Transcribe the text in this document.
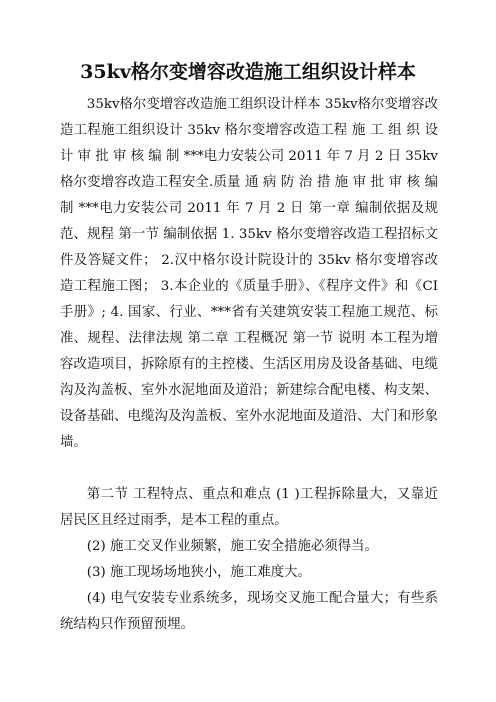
35kv格尔变增容改造施工组织设计样本

35kv格尔变增容改造施工组织设计样本 35kv格尔变增容改造工程施工组织设计 35kv 格尔变增容改造工程 施 工 组 织 设 计 审 批 审 核 编 制 ***电力安装公司 2011 年 7 月 2 日 35kv 格尔变增容改造工程安全.质量 通 病 防 治 措 施 审 批 审 核 编 制 ***电力安装公司 2011 年 7 月 2 日 第一章 编制依据及规范、规程 第一节 编制依据 1. 35kv 格尔变增容改造工程招标文件及答疑文件； 2.汉中格尔设计院设计的 35kv 格尔变增容改造工程施工图； 3.本企业的《质量手册》、《程序文件》和《CI 手册》; 4. 国家、行业、***省有关建筑安装工程施工规范、标准、规程、法律法规 第二章 工程概况 第一节 说明 本工程为增容改造项目，拆除原有的主控楼、生活区用房及设备基础、电缆沟及沟盖板、室外水泥地面及道沿；新建综合配电楼、构支架、设备基础、电缆沟及沟盖板、室外水泥地面及道沿、大门和形象墙。

第二节 工程特点、重点和难点 (1 )工程拆除量大，又靠近居民区且经过雨季，是本工程的重点。

(2) 施工交叉作业频繁，施工安全措施必须得当。

(3) 施工现场场地狭小，施工难度大。

(4) 电气安装专业系统多，现场交叉施工配合量大；有些系统结构只作预留预埋。
